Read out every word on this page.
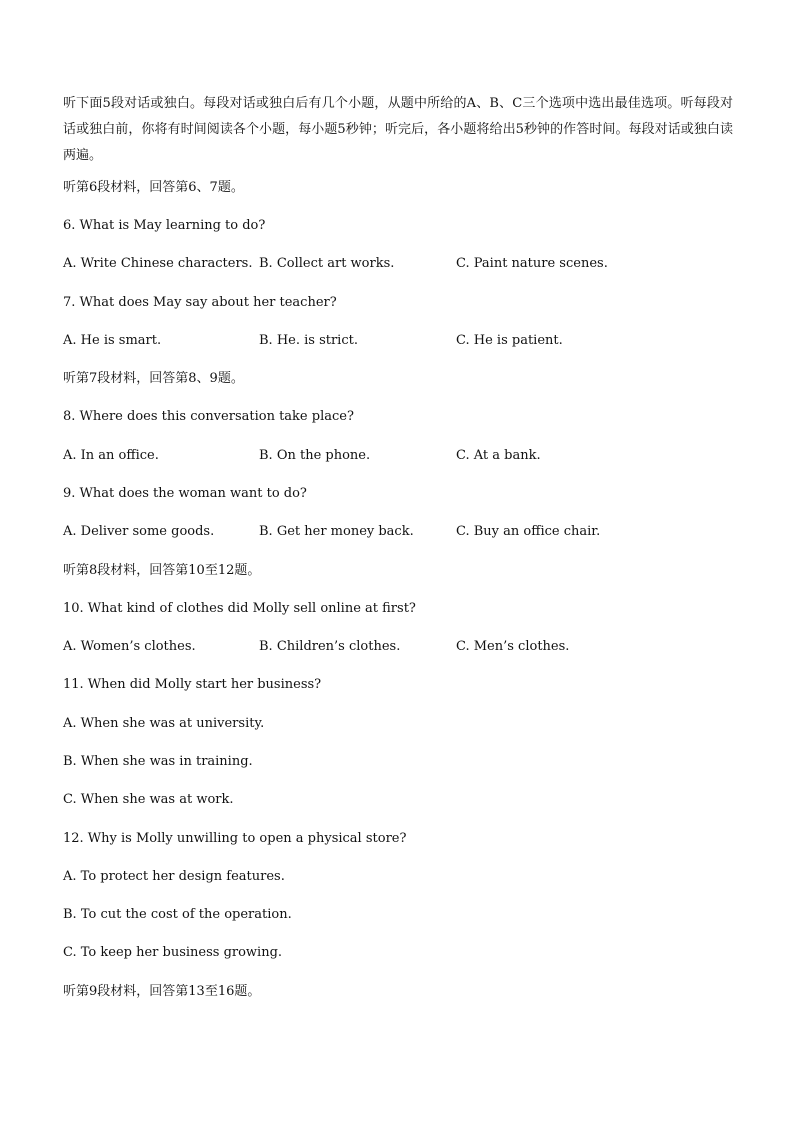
听下面5段对话或独白。每段对话或独白后有几个小题，从题中所给的A、B、C三个选项中选出最佳选项。听每段对话或独白前，你将有时间阅读各个小题，每小题5秒钟；听完后，各小题将给出5秒钟的作答时间。每段对话或独白读两遍。
听第6段材料，回答第6、7题。
6. What is May learning to do?
A. Write Chinese characters. B. Collect art works.	C. Paint nature scenes.
7. What does May say about her teacher?
A. He is smart.	B. He. is strict.	C. He is patient.
听第7段材料，回答第8、9题。
8. Where does this conversation take place?
A. In an office.	B. On the phone.	C. At a bank.
9. What does the woman want to do?
A. Deliver some goods.	B. Get her money back.	C. Buy an office chair.
听第8段材料，回答第10至12题。
10. What kind of clothes did Molly sell online at first?
A. Women’s clothes.	B. Children’s clothes.	C. Men’s clothes.
11. When did Molly start her business?
A. When she was at university.
B. When she was in training.
C. When she was at work.
12. Why is Molly unwilling to open a physical store?
A. To protect her design features.
B. To cut the cost of the operation.
C. To keep her business growing.
听第9段材料，回答第13至16题。
